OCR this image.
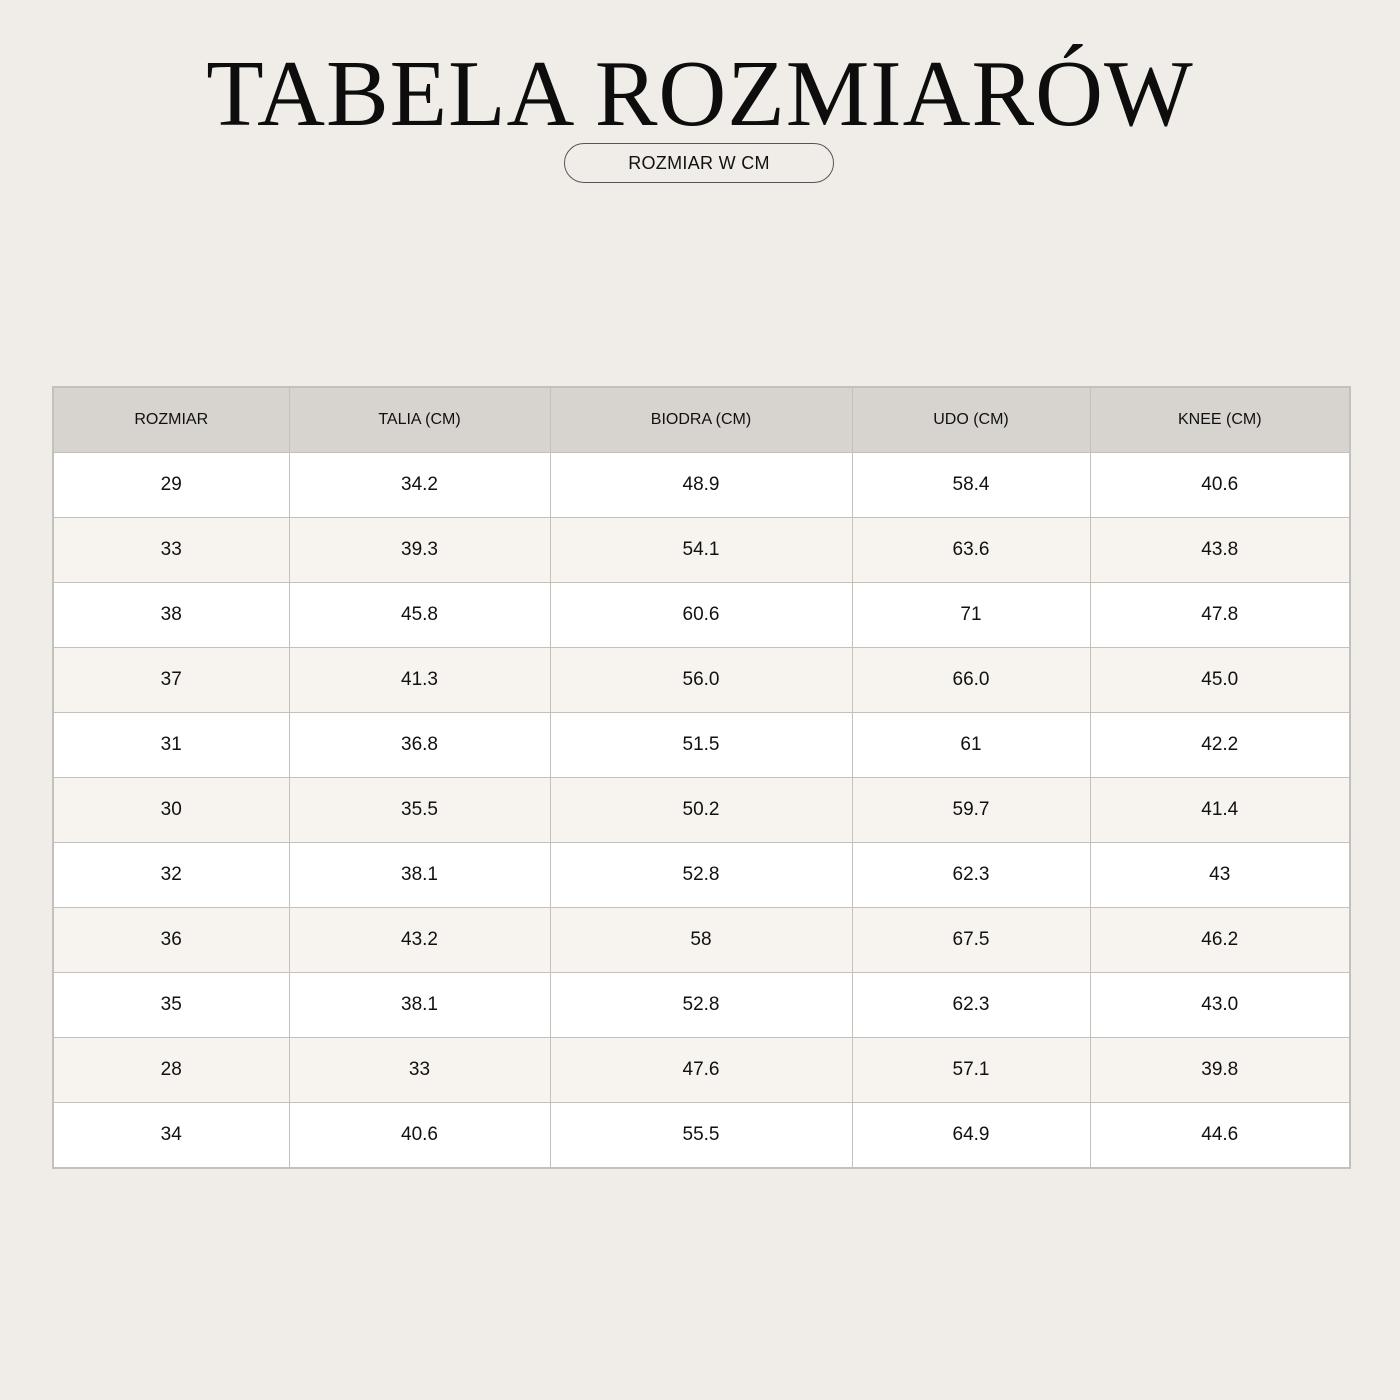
TABELA ROZMIARÓW
ROZMIAR W CM
ROZMIAR	TALIA (CM)	BIODRA (CM)	UDO (CM)	KNEE (CM)
29	34.2	48.9	58.4	40.6
33	39.3	54.1	63.6	43.8
38	45.8	60.6	71	47.8
37	41.3	56.0	66.0	45.0
31	36.8	51.5	61	42.2
30	35.5	50.2	59.7	41.4
32	38.1	52.8	62.3	43
36	43.2	58	67.5	46.2
35	38.1	52.8	62.3	43.0
28	33	47.6	57.1	39.8
34	40.6	55.5	64.9	44.6
